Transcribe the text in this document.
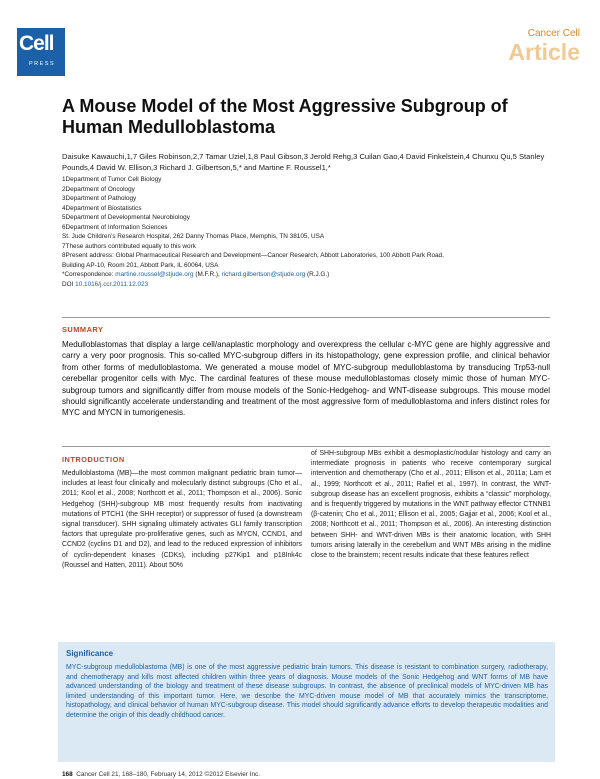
Cell
PRESS
Cancer Cell
Article
A Mouse Model of the Most Aggressive Subgroup of Human Medulloblastoma
Daisuke Kawauchi,1,7 Giles Robinson,2,7 Tamar Uziel,1,8 Paul Gibson,3 Jerold Rehg,3 Cuilan Gao,4 David Finkelstein,4 Chunxu Qu,5 Stanley Pounds,4 David W. Ellison,3 Richard J. Gilbertson,5,* and Martine F. Roussel1,*
1Department of Tumor Cell Biology
2Department of Oncology
3Department of Pathology
4Department of Biostatistics
5Department of Developmental Neurobiology
6Department of Information Sciences
St. Jude Children’s Research Hospital, 262 Danny Thomas Place, Memphis, TN 38105, USA
7These authors contributed equally to this work
8Present address: Global Pharmaceutical Research and Development—Cancer Research, Abbott Laboratories, 100 Abbott Park Road,
Building AP-10, Room 201, Abbott Park, IL 60064, USA
*Correspondence: martine.roussel@stjude.org (M.F.R.), richard.gilbertson@stjude.org (R.J.G.)
DOI 10.1016/j.ccr.2011.12.023
SUMMARY
Medulloblastomas that display a large cell/anaplastic morphology and overexpress the cellular c-MYC gene are highly aggressive and carry a very poor prognosis. This so-called MYC-subgroup differs in its histopathology, gene expression profile, and clinical behavior from other forms of medulloblastoma. We generated a mouse model of MYC-subgroup medulloblastoma by transducing Trp53-null cerebellar progenitor cells with Myc. The cardinal features of these mouse medulloblastomas closely mimic those of human MYC-subgroup tumors and significantly differ from mouse models of the Sonic-Hedgehog- and WNT-disease subgroups. This mouse model should significantly accelerate understanding and treatment of the most aggressive form of medulloblastoma and infers distinct roles for MYC and MYCN in tumorigenesis.
INTRODUCTION
Medulloblastoma (MB)—the most common malignant pediatric brain tumor—includes at least four clinically and molecularly distinct subgroups (Cho et al., 2011; Kool et al., 2008; Northcott et al., 2011; Thompson et al., 2006). Sonic Hedgehog (SHH)-subgroup MB most frequently results from inactivating mutations of PTCH1 (the SHH receptor) or suppressor of fused (a downstream signal transducer). SHH signaling ultimately activates GLI family transcription factors that upregulate pro-proliferative genes, such as MYCN, CCND1, and CCND2 (cyclins D1 and D2), and lead to the reduced expression of inhibitors of cyclin-dependent kinases (CDKs), including p27Kip1 and p18Ink4c (Roussel and Hatten, 2011). About 50%
of SHH-subgroup MBs exhibit a desmoplastic/nodular histology and carry an intermediate prognosis in patients who receive contemporary surgical intervention and chemotherapy (Cho et al., 2011; Ellison et al., 2011a; Lam et al., 1999; Northcott et al., 2011; Rafiel et al., 1997). In contrast, the WNT-subgroup disease has an excellent prognosis, exhibits a “classic” morphology, and is frequently triggered by mutations in the WNT pathway effector CTNNB1 (β-catenin; Cho et al., 2011; Ellison et al., 2005; Gajjar et al., 2006; Kool et al., 2008; Northcott et al., 2011; Thompson et al., 2006). An interesting distinction between SHH- and WNT-driven MBs is their anatomic location, with SHH tumors arising laterally in the cerebellum and WNT MBs arising in the midline close to the brainstem; recent results indicate that these features reflect
Significance
MYC-subgroup medulloblastoma (MB) is one of the most aggressive pediatric brain tumors. This disease is resistant to combination surgery, radiotherapy, and chemotherapy and kills most affected children within three years of diagnosis. Mouse models of the Sonic Hedgehog and WNT forms of MB have advanced understanding of the biology and treatment of these disease subgroups. In contrast, the absence of preclinical models of MYC-driven MB has limited understanding of this important tumor. Here, we describe the MYC-driven mouse model of MB that accurately mimics the transcriptome, histopathology, and clinical behavior of human MYC-subgroup disease. This model should significantly advance efforts to develop therapeutic modalities and determine the origin of this deadly childhood cancer.
168 Cancer Cell 21, 168–180, February 14, 2012 ©2012 Elsevier Inc.
